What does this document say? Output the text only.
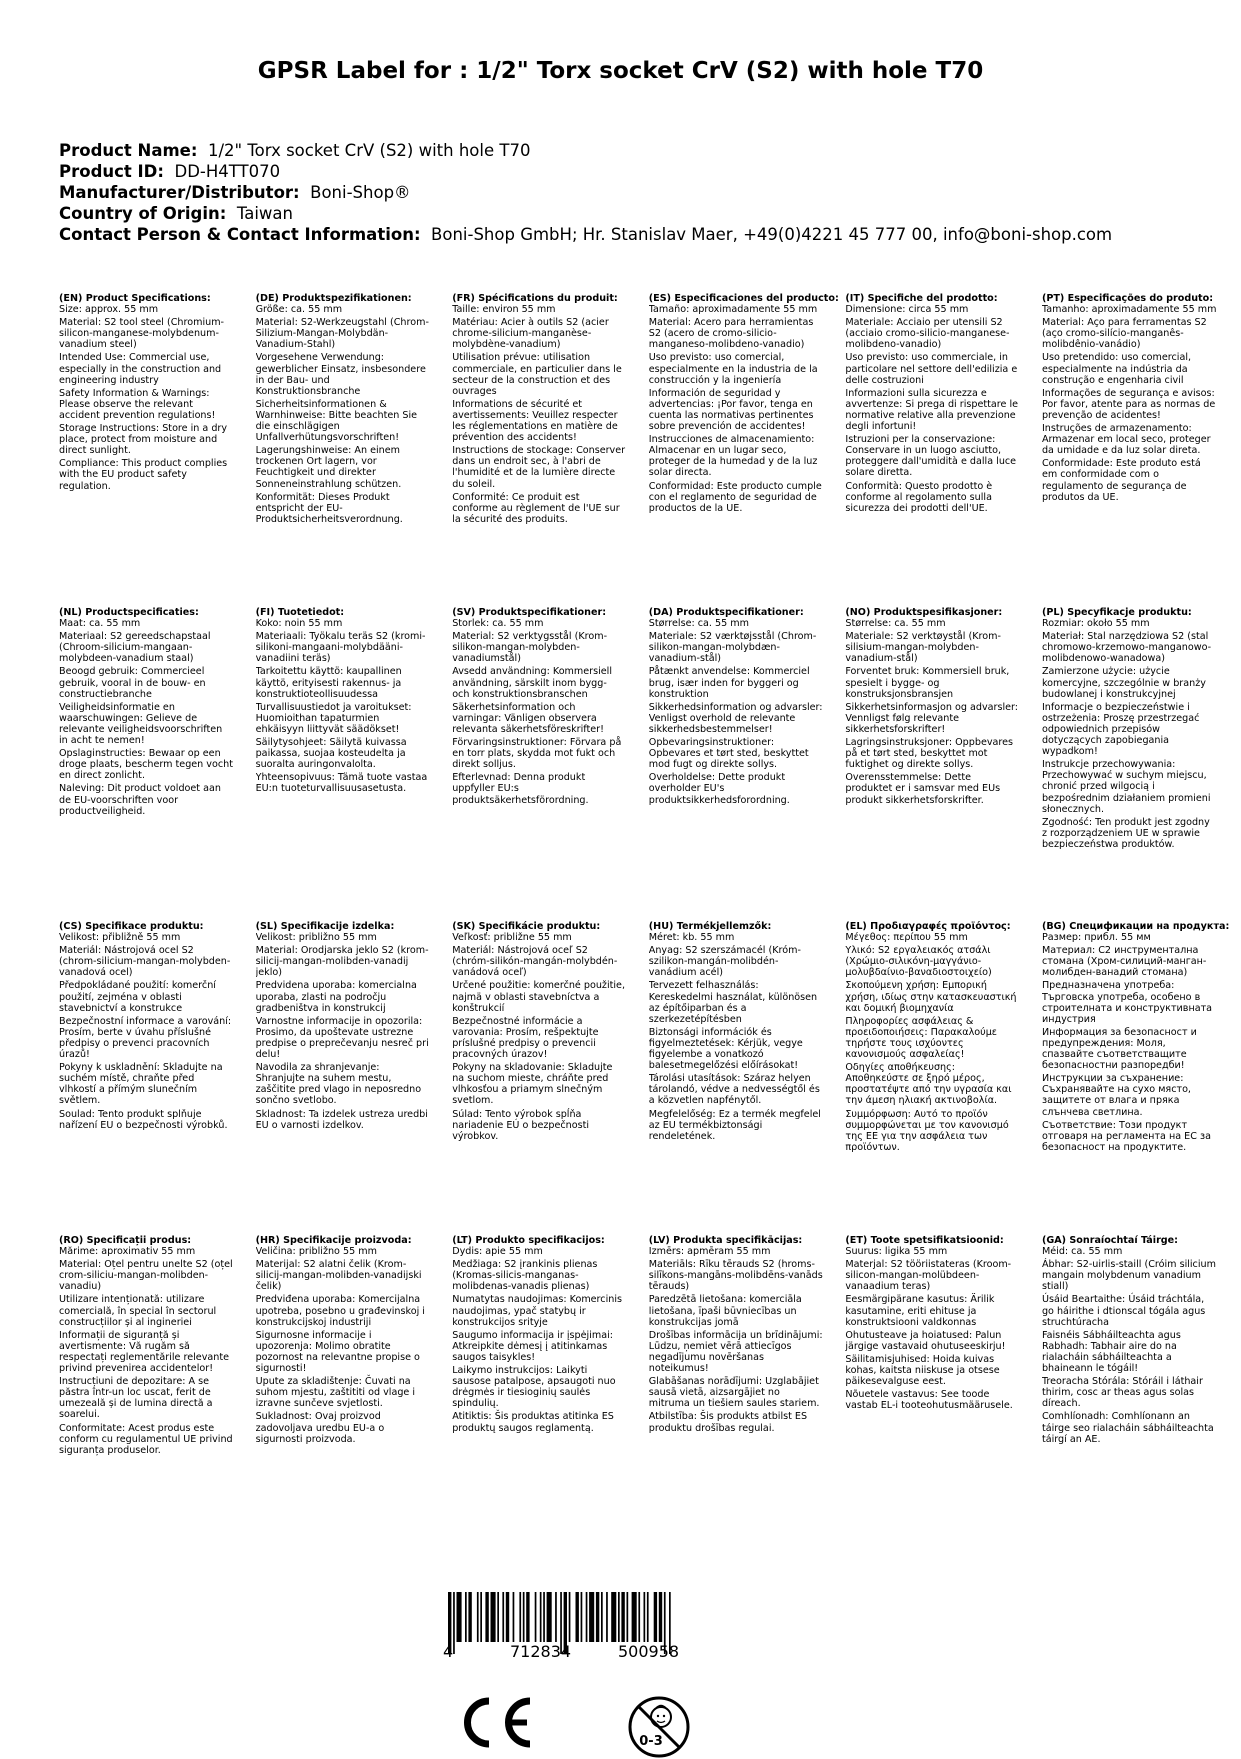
GPSR Label for : 1/2" Torx socket CrV (S2) with hole T70
Product Name: 1/2" Torx socket CrV (S2) with hole T70
Product ID: DD-H4TT070
Manufacturer/Distributor: Boni-Shop®
Country of Origin: Taiwan
Contact Person & Contact Information: Boni-Shop GmbH; Hr. Stanislav Maer, +49(0)4221 45 777 00, info@boni-shop.com
(EN) Product Specifications:
Size: approx. 55 mm
Material: S2 tool steel (Chromium-silicon-manganese-molybdenum-vanadium steel)
Intended Use: Commercial use, especially in the construction and engineering industry
Safety Information & Warnings: Please observe the relevant accident prevention regulations!
Storage Instructions: Store in a dry place, protect from moisture and direct sunlight.
Compliance: This product complies with the EU product safety regulation.
(DE) Produktspezifikationen:
Größe: ca. 55 mm
Material: S2-Werkzeugstahl (Chrom-Silizium-Mangan-Molybdän-Vanadium-Stahl)
Vorgesehene Verwendung: gewerblicher Einsatz, insbesondere in der Bau- und Konstruktionsbranche
Sicherheitsinformationen & Warnhinweise: Bitte beachten Sie die einschlägigen Unfallverhütungsvorschriften!
Lagerungshinweise: An einem trockenen Ort lagern, vor Feuchtigkeit und direkter Sonneneinstrahlung schützen.
Konformität: Dieses Produkt entspricht der EU-Produktsicherheitsverordnung.
(FR) Spécifications du produit:
Taille: environ 55 mm
Matériau: Acier à outils S2 (acier chrome-silicium-manganèse-molybdène-vanadium)
Utilisation prévue: utilisation commerciale, en particulier dans le secteur de la construction et des ouvrages
Informations de sécurité et avertissements: Veuillez respecter les réglementations en matière de prévention des accidents!
Instructions de stockage: Conserver dans un endroit sec, à l'abri de l'humidité et de la lumière directe du soleil.
Conformité: Ce produit est conforme au règlement de l'UE sur la sécurité des produits.
(ES) Especificaciones del producto:
Tamaño: aproximadamente 55 mm
Material: Acero para herramientas S2 (acero de cromo-silicio-manganeso-molibdeno-vanadio)
Uso previsto: uso comercial, especialmente en la industria de la construcción y la ingeniería
Información de seguridad y advertencias: ¡Por favor, tenga en cuenta las normativas pertinentes sobre prevención de accidentes!
Instrucciones de almacenamiento: Almacenar en un lugar seco, proteger de la humedad y de la luz solar directa.
Conformidad: Este producto cumple con el reglamento de seguridad de productos de la UE.
(IT) Specifiche del prodotto:
Dimensione: circa 55 mm
Materiale: Acciaio per utensili S2 (acciaio cromo-silicio-manganese-molibdeno-vanadio)
Uso previsto: uso commerciale, in particolare nel settore dell'edilizia e delle costruzioni
Informazioni sulla sicurezza e avvertenze: Si prega di rispettare le normative relative alla prevenzione degli infortuni!
Istruzioni per la conservazione: Conservare in un luogo asciutto, proteggere dall'umidità e dalla luce solare diretta.
Conformità: Questo prodotto è conforme al regolamento sulla sicurezza dei prodotti dell'UE.
(PT) Especificações do produto:
Tamanho: aproximadamente 55 mm
Material: Aço para ferramentas S2 (aço cromo-silício-manganês-molibdênio-vanádio)
Uso pretendido: uso comercial, especialmente na indústria da construção e engenharia civil
Informações de segurança e avisos: Por favor, atente para as normas de prevenção de acidentes!
Instruções de armazenamento: Armazenar em local seco, proteger da umidade e da luz solar direta.
Conformidade: Este produto está em conformidade com o regulamento de segurança de produtos da UE.
(NL) Productspecificaties:
Maat: ca. 55 mm
Materiaal: S2 gereedschapstaal (Chroom-silicium-mangaan-molybdeen-vanadium staal)
Beoogd gebruik: Commercieel gebruik, vooral in de bouw- en constructiebranche
Veiligheidsinformatie en waarschuwingen: Gelieve de relevante veiligheidsvoorschriften in acht te nemen!
Opslaginstructies: Bewaar op een droge plaats, bescherm tegen vocht en direct zonlicht.
Naleving: Dit product voldoet aan de EU-voorschriften voor productveiligheid.
(FI) Tuotetiedot:
Koko: noin 55 mm
Materiaali: Työkalu teräs S2 (kromi-silikoni-mangaani-molybdääni-vanadiini teräs)
Tarkoitettu käyttö: kaupallinen käyttö, erityisesti rakennus- ja konstruktioteollisuudessa
Turvallisuustiedot ja varoitukset: Huomioithan tapaturmien ehkäisyyn liittyvät säädökset!
Säilytysohjeet: Säilytä kuivassa paikassa, suojaa kosteudelta ja suoralta auringonvalolta.
Yhteensopivuus: Tämä tuote vastaa EU:n tuoteturvallisuusasetusta.
(SV) Produktspecifikationer:
Storlek: ca. 55 mm
Material: S2 verktygsstål (Krom-silikon-mangan-molybden-vanadiumstål)
Avsedd användning: Kommersiell användning, särskilt inom bygg- och konstruktionsbranschen
Säkerhetsinformation och varningar: Vänligen observera relevanta säkerhetsföreskrifter!
Förvaringsinstruktioner: Förvara på en torr plats, skydda mot fukt och direkt solljus.
Efterlevnad: Denna produkt uppfyller EU:s produktsäkerhetsförordning.
(DA) Produktspecifikationer:
Størrelse: ca. 55 mm
Materiale: S2 værktøjsstål (Chrom-silikon-mangan-molybdæn-vanadium-stål)
Påtænkt anvendelse: Kommerciel brug, især inden for byggeri og konstruktion
Sikkerhedsinformation og advarsler: Venligst overhold de relevante sikkerhedsbestemmelser!
Opbevaringsinstruktioner: Opbevares et tørt sted, beskyttet mod fugt og direkte sollys.
Overholdelse: Dette produkt overholder EU's produktsikkerhedsforordning.
(NO) Produktspesifikasjoner:
Størrelse: ca. 55 mm
Materiale: S2 verktøystål (Krom-silisium-mangan-molybden-vanadium-stål)
Forventet bruk: Kommersiell bruk, spesielt i bygge- og konstruksjonsbransjen
Sikkerhetsinformasjon og advarsler: Vennligst følg relevante sikkerhetsforskrifter!
Lagringsinstruksjoner: Oppbevares på et tørt sted, beskyttet mot fuktighet og direkte sollys.
Overensstemmelse: Dette produktet er i samsvar med EUs produkt sikkerhetsforskrifter.
(PL) Specyfikacje produktu:
Rozmiar: około 55 mm
Materiał: Stal narzędziowa S2 (stal chromowo-krzemowo-manganowo-molibdenowo-wanadowa)
Zamierzone użycie: użycie komercyjne, szczególnie w branży budowlanej i konstrukcyjnej
Informacje o bezpieczeństwie i ostrzeżenia: Proszę przestrzegać odpowiednich przepisów dotyczących zapobiegania wypadkom!
Instrukcje przechowywania: Przechowywać w suchym miejscu, chronić przed wilgocią i bezpośrednim działaniem promieni słonecznych.
Zgodność: Ten produkt jest zgodny z rozporządzeniem UE w sprawie bezpieczeństwa produktów.
(CS) Specifikace produktu:
Velikost: přibližně 55 mm
Materiál: Nástrojová ocel S2 (chrom-silicium-mangan-molybden-vanadová ocel)
Předpokládané použití: komerční použití, zejména v oblasti stavebnictví a konstrukce
Bezpečnostní informace a varování: Prosím, berte v úvahu příslušné předpisy o prevenci pracovních úrazů!
Pokyny k uskladnění: Skladujte na suchém místě, chraňte před vlhkostí a přímým slunečním světlem.
Soulad: Tento produkt splňuje nařízení EU o bezpečnosti výrobků.
(SL) Specifikacije izdelka:
Velikost: približno 55 mm
Material: Orodjarska jeklo S2 (krom-silicij-mangan-molibden-vanadij jeklo)
Predvidena uporaba: komercialna uporaba, zlasti na področju gradbeništva in konstrukcij
Varnostne informacije in opozorila: Prosimo, da upoštevate ustrezne predpise o preprečevanju nesreč pri delu!
Navodila za shranjevanje: Shranjujte na suhem mestu, zaščitite pred vlago in neposredno sončno svetlobo.
Skladnost: Ta izdelek ustreza uredbi EU o varnosti izdelkov.
(SK) Špecifikácie produktu:
Veľkosť: približne 55 mm
Materiál: Nástrojová oceľ S2 (chróm-silikón-mangán-molybdén-vanádová oceľ)
Určené použitie: komerčné použitie, najmä v oblasti stavebníctva a konštrukcií
Bezpečnostné informácie a varovania: Prosím, rešpektujte príslušné predpisy o prevencii pracovných úrazov!
Pokyny na skladovanie: Skladujte na suchom mieste, chráňte pred vlhkosťou a priamym slnečným svetlom.
Súlad: Tento výrobok spĺňa nariadenie EÚ o bezpečnosti výrobkov.
(HU) Termékjellemzők:
Méret: kb. 55 mm
Anyag: S2 szerszámacél (Króm-szilikon-mangán-molibdén-vanádium acél)
Tervezett felhasználás: Kereskedelmi használat, különösen az építőiparban és a szerkezetépítésben
Biztonsági információk és figyelmeztetések: Kérjük, vegye figyelembe a vonatkozó balesetmegelőzési előírásokat!
Tárolási utasítások: Száraz helyen tárolandó, védve a nedvességtől és a közvetlen napfénytől.
Megfelelőség: Ez a termék megfelel az EU termékbiztonsági rendeletének.
(EL) Προδιαγραφές προϊόντος:
Μέγεθος: περίπου 55 mm
Υλικό: S2 εργαλειακός ατσάλι (Χρώμιο-σιλικόνη-μαγγάνιο-μολυβδαίνιο-βαναδιοστοιχείο)
Σκοπούμενη χρήση: Εμπορική χρήση, ιδίως στην κατασκευαστική και δομική βιομηχανία
Πληροφορίες ασφάλειας & προειδοποιήσεις: Παρακαλούμε τηρήστε τους ισχύοντες κανονισμούς ασφαλείας!
Οδηγίες αποθήκευσης: Αποθηκεύστε σε ξηρό μέρος, προστατέψτε από την υγρασία και την άμεση ηλιακή ακτινοβολία.
Συμμόρφωση: Αυτό το προϊόν συμμορφώνεται με τον κανονισμό της ΕΕ για την ασφάλεια των προϊόντων.
(BG) Спецификации на продукта:
Размер: прибл. 55 мм
Материал: С2 инструментална стомана (Хром-силиций-манган-молибден-ванадий стомана)
Предназначена употреба: Търговска употреба, особено в строителната и конструктивната индустрия
Информация за безопасност и предупреждения: Моля, спазвайте съответстващите безопасностни разпоредби!
Инструкции за съхранение: Съхранявайте на сухо място, защитете от влага и пряка слънчева светлина.
Съответствие: Този продукт отговаря на регламента на ЕС за безопасност на продуктите.
(RO) Specificații produs:
Mărime: aproximativ 55 mm
Material: Oțel pentru unelte S2 (oțel crom-siliciu-mangan-molibden-vanadiu)
Utilizare intenționată: utilizare comercială, în special în sectorul construcțiilor și al ingineriei
Informații de siguranță și avertismente: Vă rugăm să respectați reglementările relevante privind prevenirea accidentelor!
Instrucțiuni de depozitare: A se păstra într-un loc uscat, ferit de umezeală și de lumina directă a soarelui.
Conformitate: Acest produs este conform cu regulamentul UE privind siguranța produselor.
(HR) Specifikacije proizvoda:
Veličina: približno 55 mm
Materijal: S2 alatni čelik (Krom-silicij-mangan-molibden-vanadijski čelik)
Predviđena uporaba: Komercijalna upotreba, posebno u građevinskoj i konstrukcijskoj industriji
Sigurnosne informacije i upozorenja: Molimo obratite pozornost na relevantne propise o sigurnosti!
Upute za skladištenje: Čuvati na suhom mjestu, zaštititi od vlage i izravne sunčeve svjetlosti.
Sukladnost: Ovaj proizvod zadovoljava uredbu EU-a o sigurnosti proizvoda.
(LT) Produkto specifikacijos:
Dydis: apie 55 mm
Medžiaga: S2 įrankinis plienas (Kromas-silicis-manganas-molibdenas-vanadis plienas)
Numatytas naudojimas: Komercinis naudojimas, ypač statybų ir konstrukcijos srityje
Saugumo informacija ir įspėjimai: Atkreipkite dėmesį į atitinkamas saugos taisykles!
Laikymo instrukcijos: Laikyti sausose patalpose, apsaugoti nuo drėgmės ir tiesioginių saulės spindulių.
Atitiktis: Šis produktas atitinka ES produktų saugos reglamentą.
(LV) Produkta specifikācijas:
Izmērs: apmēram 55 mm
Materiāls: Rīku tērauds S2 (hroms-silīkons-mangāns-molibdēns-vanāds tērauds)
Paredzētā lietošana: komerciāla lietošana, īpaši būvniecības un konstrukcijas jomā
Drošības informācija un brīdinājumi: Lūdzu, ņemiet vērā attiecīgos negadījumu novēršanas noteikumus!
Glabāšanas norādījumi: Uzglabājiet sausā vietā, aizsargājiet no mitruma un tiešiem saules stariem.
Atbilstība: Šis produkts atbilst ES produktu drošības regulai.
(ET) Toote spetsifikatsioonid:
Suurus: ligika 55 mm
Materjal: S2 tööriistateras (Kroom-silicon-mangan-molübdeen-vanaadium teras)
Eesmärgipärane kasutus: Ärilik kasutamine, eriti ehituse ja konstruktsiooni valdkonnas
Ohutusteave ja hoiatused: Palun järgige vastavaid ohutuseeskirju!
Säilitamisjuhised: Hoida kuivas kohas, kaitsta niiskuse ja otsese päikesevalguse eest.
Nõuetele vastavus: See toode vastab EL-i tooteohutusmäärusele.
(GA) Sonraíochtaí Táirge:
Méid: ca. 55 mm
Ábhar: S2-uirlis-staill (Cróim silicium mangain molybdenum vanadium stiall)
Úsáid Beartaithe: Úsáid tráchtála, go háirithe i dtionscal tógála agus struchtúracha
Faisnéis Sábháilteachta agus Rabhadh: Tabhair aire do na rialacháin sábháilteachta a bhaineann le tógáil!
Treoracha Stórála: Stóráil i láthair thirim, cosc ar theas agus solas díreach.
Comhlíonadh: Comhlíonann an táirge seo rialacháin sábháilteachta táirgí an AE.
4	712834	500958
0-3
